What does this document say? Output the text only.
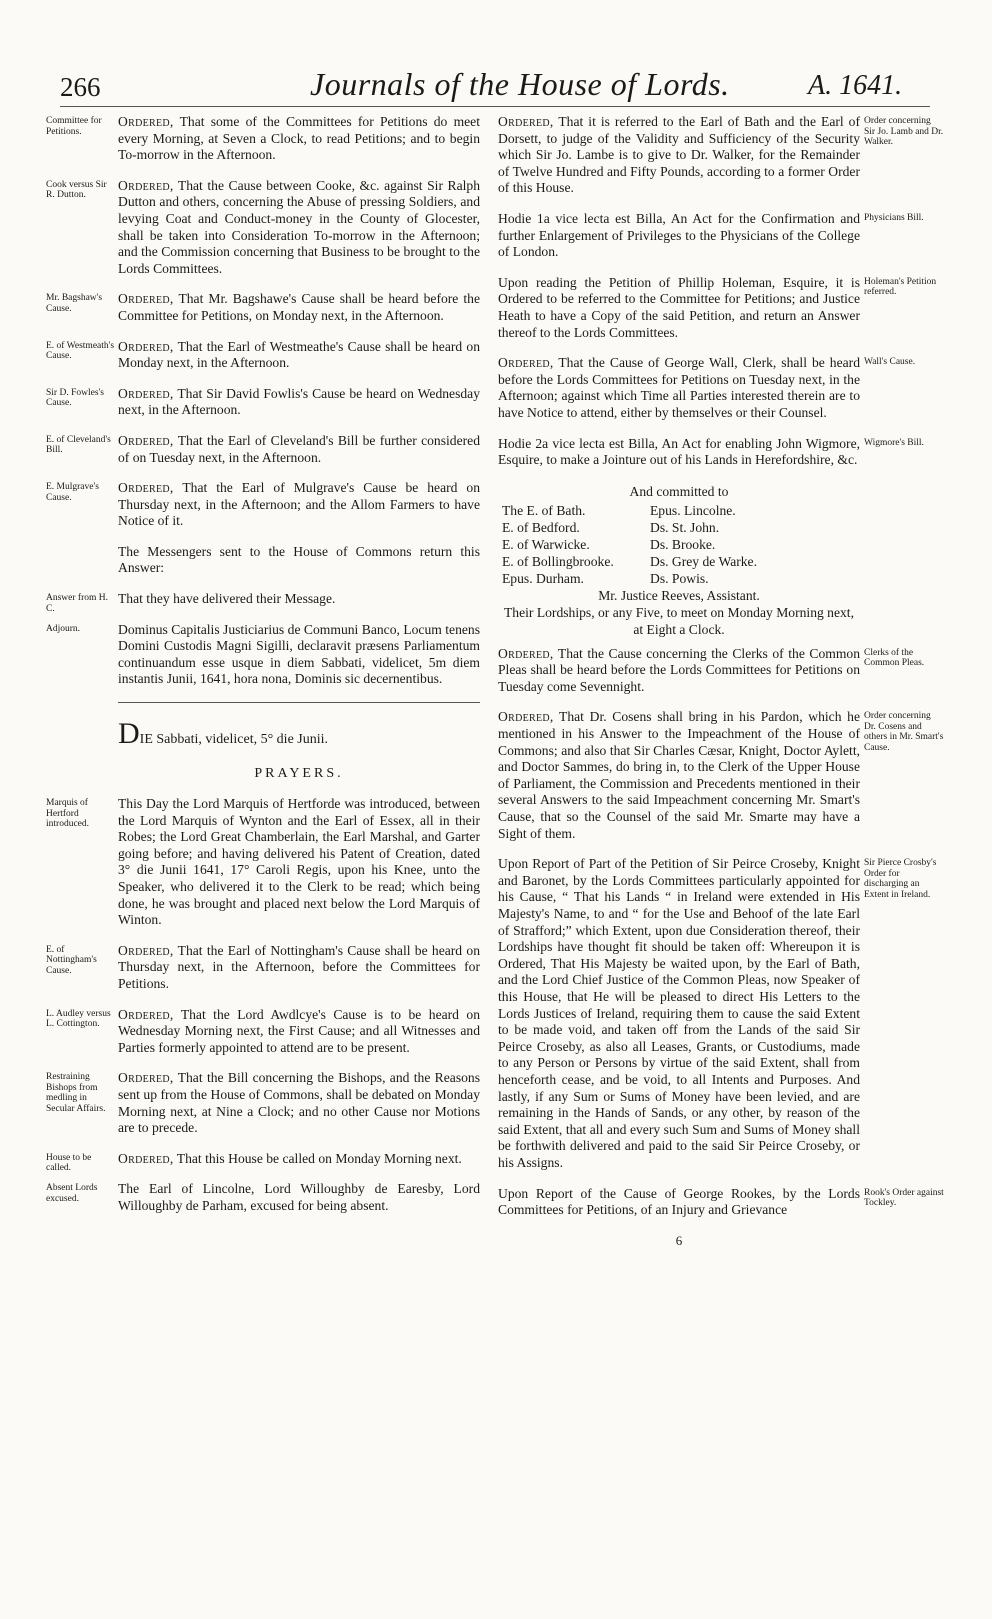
266	Journals of the House of Lords.	A. 1641.
Ordered, That some of the Committees for Petitions do meet every Morning, at Seven a Clock, to read Petitions; and to begin To-morrow in the Afternoon.
Ordered, That the Cause between Cooke, &c. against Sir Ralph Dutton and others, concerning the Abuse of pressing Soldiers, and levying Coat and Conduct-money in the County of Glocester, shall be taken into Consideration To-morrow in the Afternoon; and the Commission concerning that Business to be brought to the Lords Committees.
Ordered, That Mr. Bagshawe's Cause shall be heard before the Committee for Petitions, on Monday next, in the Afternoon.
Ordered, That the Earl of Westmeathe's Cause shall be heard on Monday next, in the Afternoon.
Ordered, That Sir David Fowlis's Cause be heard on Wednesday next, in the Afternoon.
Ordered, That the Earl of Cleveland's Bill be further considered of on Tuesday next, in the Afternoon.
Ordered, That the Earl of Mulgrave's Cause be heard on Thursday next, in the Afternoon; and the Allom Farmers to have Notice of it.
The Messengers sent to the House of Commons return this Answer:
That they have delivered their Message.
Dominus Capitalis Justiciarius de Communi Banco, Locum tenens Domini Custodis Magni Sigilli, declaravit præsens Parliamentum continuandum esse usque in diem Sabbati, videlicet, 5m diem instantis Junii, 1641, hora nona, Dominis sic decernentibus.
DIE Sabbati, videlicet, 5° die Junii.
PRAYERS.
This Day the Lord Marquis of Hertforde was introduced, between the Lord Marquis of Wynton and the Earl of Essex, all in their Robes; the Lord Great Chamberlain, the Earl Marshal, and Garter going before; and having delivered his Patent of Creation, dated 3° die Junii 1641, 17° Caroli Regis, upon his Knee, unto the Speaker, who delivered it to the Clerk to be read; which being done, he was brought and placed next below the Lord Marquis of Winton.
Ordered, That the Earl of Nottingham's Cause shall be heard on Thursday next, in the Afternoon, before the Committees for Petitions.
Ordered, That the Lord Awdlcye's Cause is to be heard on Wednesday Morning next, the First Cause; and all Witnesses and Parties formerly appointed to attend are to be present.
Ordered, That the Bill concerning the Bishops, and the Reasons sent up from the House of Commons, shall be debated on Monday Morning next, at Nine a Clock; and no other Cause nor Motions are to precede.
Ordered, That this House be called on Monday Morning next.
The Earl of Lincolne, Lord Willoughby de Earesby, Lord Willoughby de Parham, excused for being absent.
Committee for Petitions.
Cook versus Sir R. Dutton.
Mr. Bagshaw's Cause.
E. of Westmeath's Cause.
Sir D. Fowles's Cause.
E. of Cleveland's Bill.
E. Mulgrave's Cause.
Answer from H. C.
Adjourn.
Marquis of Hertford introduced.
E. of Nottingham's Cause.
L. Audley versus L. Cottington.
Restraining Bishops from medling in Secular Affairs.
House to be called.
Absent Lords excused.
Ordered, That it is referred to the Earl of Bath and the Earl of Dorsett, to judge of the Validity and Sufficiency of the Security which Sir Jo. Lambe is to give to Dr. Walker, for the Remainder of Twelve Hundred and Fifty Pounds, according to a former Order of this House.
Hodie 1a vice lecta est Billa, An Act for the Confirmation and further Enlargement of Privileges to the Physicians of the College of London.
Upon reading the Petition of Phillip Holeman, Esquire, it is Ordered to be referred to the Committee for Petitions; and Justice Heath to have a Copy of the said Petition, and return an Answer thereof to the Lords Committees.
Ordered, That the Cause of George Wall, Clerk, shall be heard before the Lords Committees for Petitions on Tuesday next, in the Afternoon; against which Time all Parties interested therein are to have Notice to attend, either by themselves or their Counsel.
Hodie 2a vice lecta est Billa, An Act for enabling John Wigmore, Esquire, to make a Jointure out of his Lands in Herefordshire, &c.
And committed to
The E. of Bath.	Epus. Lincolne.
E. of Bedford.	Ds. St. John.
E. of Warwicke.	Ds. Brooke.
E. of Bollingbrooke.	Ds. Grey de Warke.
Epus. Durham.	Ds. Powis.
Mr. Justice Reeves, Assistant.
Their Lordships, or any Five, to meet on Monday Morning next, at Eight a Clock.
Ordered, That the Cause concerning the Clerks of the Common Pleas shall be heard before the Lords Committees for Petitions on Tuesday come Sevennight.
Ordered, That Dr. Cosens shall bring in his Pardon, which he mentioned in his Answer to the Impeachment of the House of Commons; and also that Sir Charles Cæsar, Knight, Doctor Aylett, and Doctor Sammes, do bring in, to the Clerk of the Upper House of Parliament, the Commission and Precedents mentioned in their several Answers to the said Impeachment concerning Mr. Smart's Cause, that so the Counsel of the said Mr. Smarte may have a Sight of them.
Upon Report of Part of the Petition of Sir Peirce Croseby, Knight and Baronet, by the Lords Committees particularly appointed for his Cause, “ That his Lands “ in Ireland were extended in His Majesty's Name, to and “ for the Use and Behoof of the late Earl of Strafford;” which Extent, upon due Consideration thereof, their Lordships have thought fit should be taken off: Whereupon it is Ordered, That His Majesty be waited upon, by the Earl of Bath, and the Lord Chief Justice of the Common Pleas, now Speaker of this House, that He will be pleased to direct His Letters to the Lords Justices of Ireland, requiring them to cause the said Extent to be made void, and taken off from the Lands of the said Sir Peirce Croseby, as also all Leases, Grants, or Custodiums, made to any Person or Persons by virtue of the said Extent, shall from henceforth cease, and be void, to all Intents and Purposes. And lastly, if any Sum or Sums of Money have been levied, and are remaining in the Hands of Sands, or any other, by reason of the said Extent, that all and every such Sum and Sums of Money shall be forthwith delivered and paid to the said Sir Peirce Croseby, or his Assigns.
Upon Report of the Cause of George Rookes, by the Lords Committees for Petitions, of an Injury and Grievance
6
Order concerning Sir Jo. Lamb and Dr. Walker.
Physicians Bill.
Holeman's Petition referred.
Wall's Cause.
Wigmore's Bill.
Clerks of the Common Pleas.
Order concerning Dr. Cosens and others in Mr. Smart's Cause.
Sir Pierce Crosby's Order for discharging an Extent in Ireland.
Rook's Order against Tockley.
